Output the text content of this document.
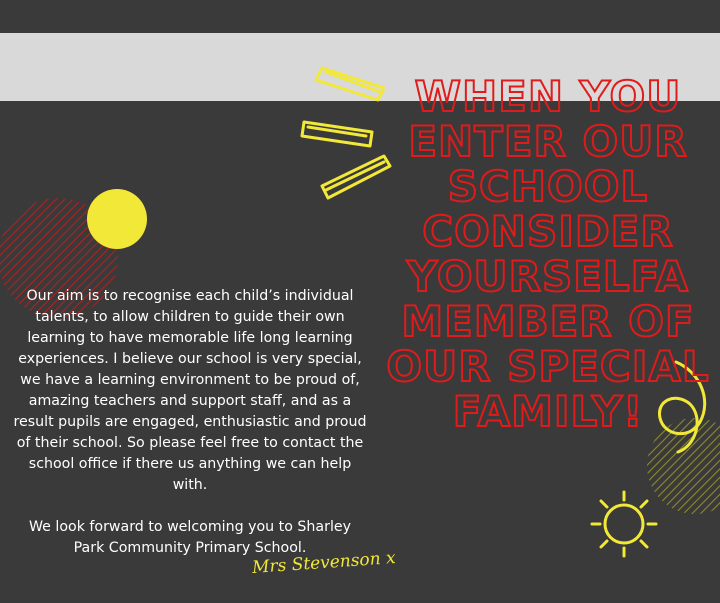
WHEN YOU ENTER OUR SCHOOL CONSIDER YOURSELFA MEMBER OF OUR SPECIAL FAMILY!

Our aim is to recognise each child’s individual talents, to allow children to guide their own learning to have memorable life long learning experiences. I believe our school is very special, we have a learning environment to be proud of, amazing teachers and support staff, and as a result pupils are engaged, enthusiastic and proud of their school. So please feel free to contact the school office if there us anything we can help with.

We look forward to welcoming you to Sharley Park Community Primary School.

Mrs Stevenson x
